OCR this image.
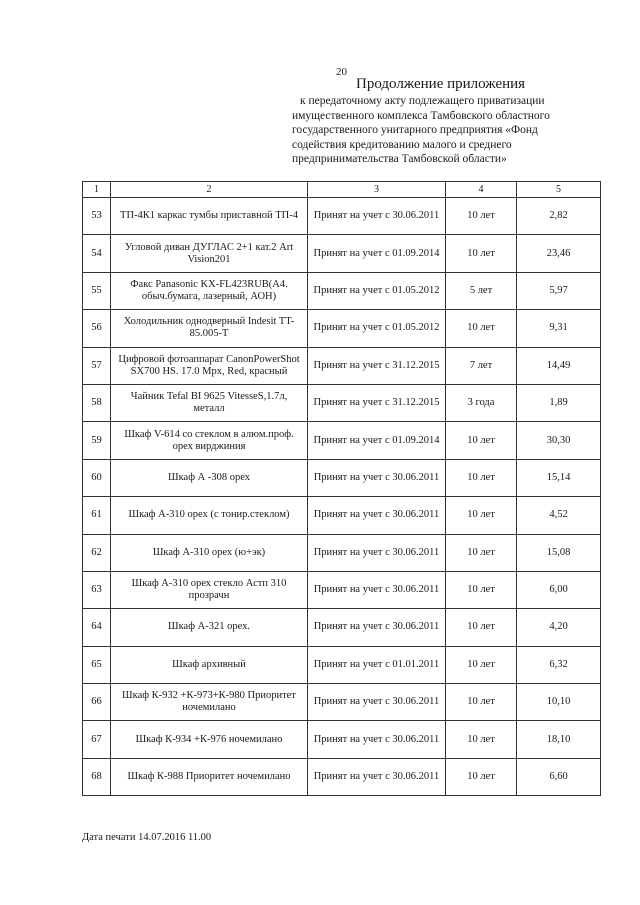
20
Продолжение приложения
к передаточному акту подлежащего приватизации
имущественного комплекса Тамбовского областного
государственного унитарного предприятия «Фонд
содействия кредитованию малого и среднего
предпринимательства Тамбовской области»
1	2	3	4	5
53	ТП-4К1 каркас тумбы приставной ТП-4	Принят на учет с 30.06.2011	10 лет	2,82
54	Угловой диван ДУГЛАС 2+1 кат.2 Art Vision201	Принят на учет с 01.09.2014	10 лет	23,46
55	Факс Panasonic KX-FL423RUB(А4. обыч.бумага, лазерный, АОН)	Принят на учет с 01.05.2012	5 лет	5,97
56	Холодильник однодверный Indesit TT-85.005-T	Принят на учет с 01.05.2012	10 лет	9,31
57	Цифровой фотоаппарат CanonPowerShot SX700 HS. 17.0 Mpx, Red, красный	Принят на учет с 31.12.2015	7 лет	14,49
58	Чайник Tefal BI 9625 VitesseS,1.7л, металл	Принят на учет с 31.12.2015	3 года	1,89
59	Шкаф V-614 со стеклом в алюм.проф. орех вирджиния	Принят на учет с 01.09.2014	10 лет	30,30
60	Шкаф А -308 орех	Принят на учет с 30.06.2011	10 лет	15,14
61	Шкаф А-310 орех (с тонир.стеклом)	Принят на учет с 30.06.2011	10 лет	4,52
62	Шкаф А-310 орех (ю+эк)	Принят на учет с 30.06.2011	10 лет	15,08
63	Шкаф А-310 орех стекло Астп 310 прозрачн	Принят на учет с 30.06.2011	10 лет	6,00
64	Шкаф А-321 орех.	Принят на учет с 30.06.2011	10 лет	4,20
65	Шкаф архивный	Принят на учет с 01.01.2011	10 лет	6,32
66	Шкаф К-932 +К-973+К-980 Приоритет ночемилано	Принят на учет с 30.06.2011	10 лет	10,10
67	Шкаф К-934 +К-976 ночемилано	Принят на учет с 30.06.2011	10 лет	18,10
68	Шкаф К-988 Приоритет ночемилано	Принят на учет с 30.06.2011	10 лет	6,60
Дата печати 14.07.2016 11.00
